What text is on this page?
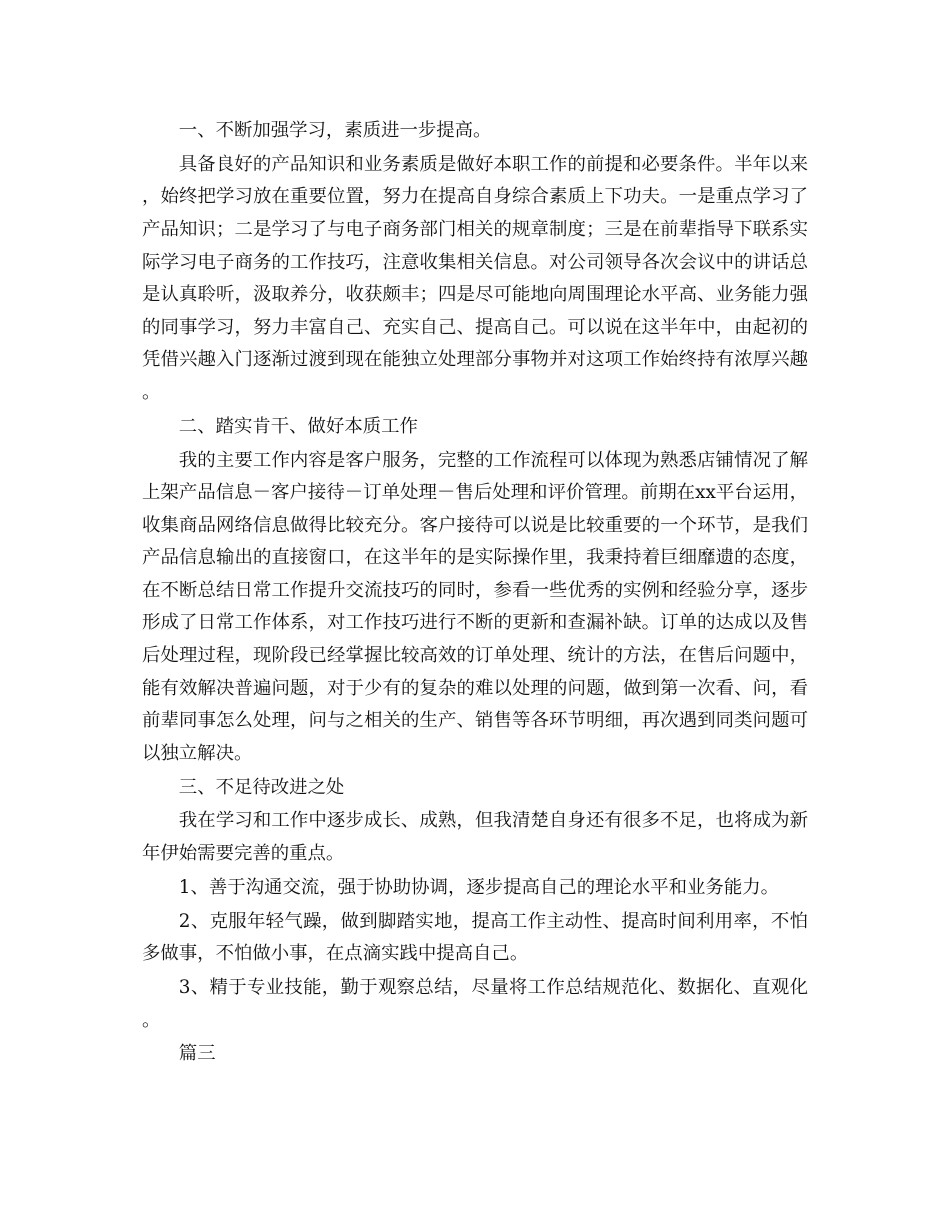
一、不断加强学习，素质进一步提高。

具备良好的产品知识和业务素质是做好本职工作的前提和必要条件。半年以来，始终把学习放在重要位置，努力在提高自身综合素质上下功夫。一是重点学习了产品知识；二是学习了与电子商务部门相关的规章制度；三是在前辈指导下联系实际学习电子商务的工作技巧，注意收集相关信息。对公司领导各次会议中的讲话总是认真聆听，汲取养分，收获颇丰；四是尽可能地向周围理论水平高、业务能力强的同事学习，努力丰富自己、充实自己、提高自己。可以说在这半年中，由起初的凭借兴趣入门逐渐过渡到现在能独立处理部分事物并对这项工作始终持有浓厚兴趣。

二、踏实肯干、做好本质工作

我的主要工作内容是客户服务，完整的工作流程可以体现为熟悉店铺情况了解上架产品信息－客户接待－订单处理－售后处理和评价管理。前期在xx平台运用，收集商品网络信息做得比较充分。客户接待可以说是比较重要的一个环节，是我们产品信息输出的直接窗口，在这半年的是实际操作里，我秉持着巨细靡遗的态度，在不断总结日常工作提升交流技巧的同时，参看一些优秀的实例和经验分享，逐步形成了日常工作体系，对工作技巧进行不断的更新和查漏补缺。订单的达成以及售后处理过程，现阶段已经掌握比较高效的订单处理、统计的方法，在售后问题中，能有效解决普遍问题，对于少有的复杂的难以处理的问题，做到第一次看、问，看前辈同事怎么处理，问与之相关的生产、销售等各环节明细，再次遇到同类问题可以独立解决。

三、不足待改进之处

我在学习和工作中逐步成长、成熟，但我清楚自身还有很多不足，也将成为新年伊始需要完善的重点。

1、善于沟通交流，强于协助协调，逐步提高自己的理论水平和业务能力。

2、克服年轻气躁，做到脚踏实地，提高工作主动性、提高时间利用率，不怕多做事，不怕做小事，在点滴实践中提高自己。

3、精于专业技能，勤于观察总结，尽量将工作总结规范化、数据化、直观化。

篇三
